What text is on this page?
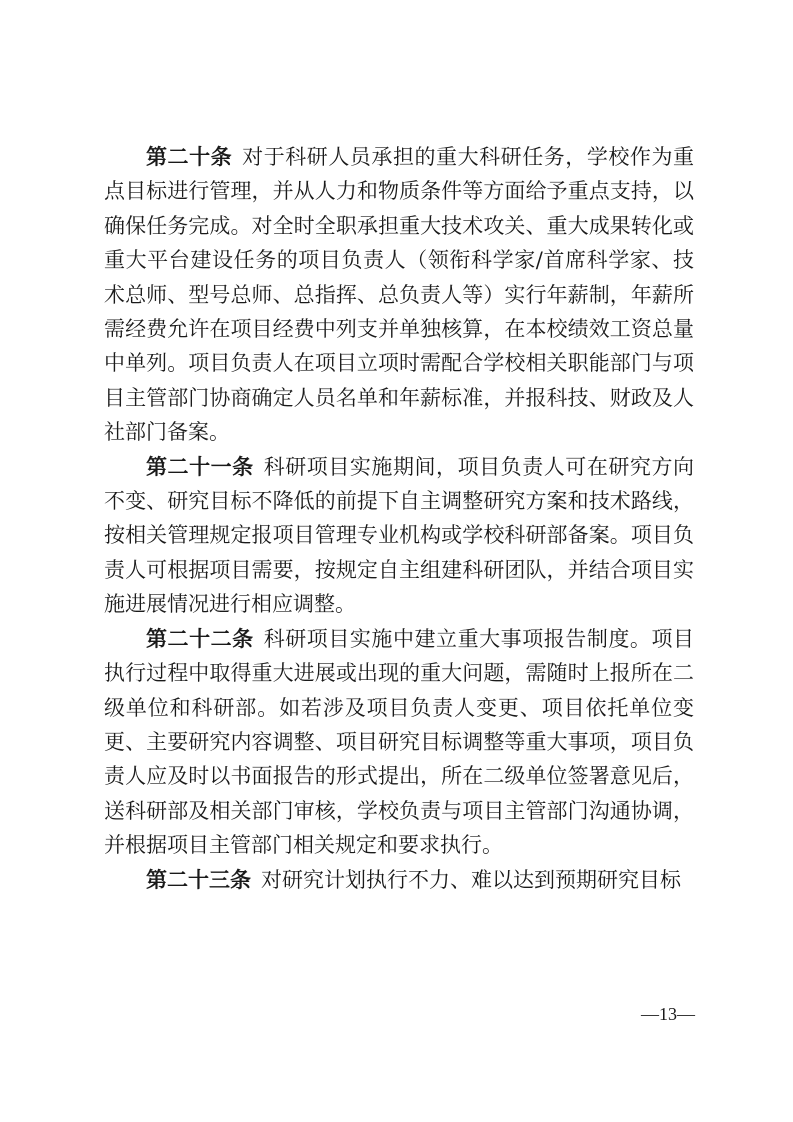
第二十条 对于科研人员承担的重大科研任务，学校作为重点目标进行管理，并从人力和物质条件等方面给予重点支持，以确保任务完成。对全时全职承担重大技术攻关、重大成果转化或重大平台建设任务的项目负责人（领衔科学家/首席科学家、技术总师、型号总师、总指挥、总负责人等）实行年薪制，年薪所需经费允许在项目经费中列支并单独核算，在本校绩效工资总量中单列。项目负责人在项目立项时需配合学校相关职能部门与项目主管部门协商确定人员名单和年薪标准，并报科技、财政及人社部门备案。

第二十一条 科研项目实施期间，项目负责人可在研究方向不变、研究目标不降低的前提下自主调整研究方案和技术路线，按相关管理规定报项目管理专业机构或学校科研部备案。项目负责人可根据项目需要，按规定自主组建科研团队，并结合项目实施进展情况进行相应调整。

第二十二条 科研项目实施中建立重大事项报告制度。项目执行过程中取得重大进展或出现的重大问题，需随时上报所在二级单位和科研部。如若涉及项目负责人变更、项目依托单位变更、主要研究内容调整、项目研究目标调整等重大事项，项目负责人应及时以书面报告的形式提出，所在二级单位签署意见后，送科研部及相关部门审核，学校负责与项目主管部门沟通协调，并根据项目主管部门相关规定和要求执行。

第二十三条 对研究计划执行不力、难以达到预期研究目标

—13—
